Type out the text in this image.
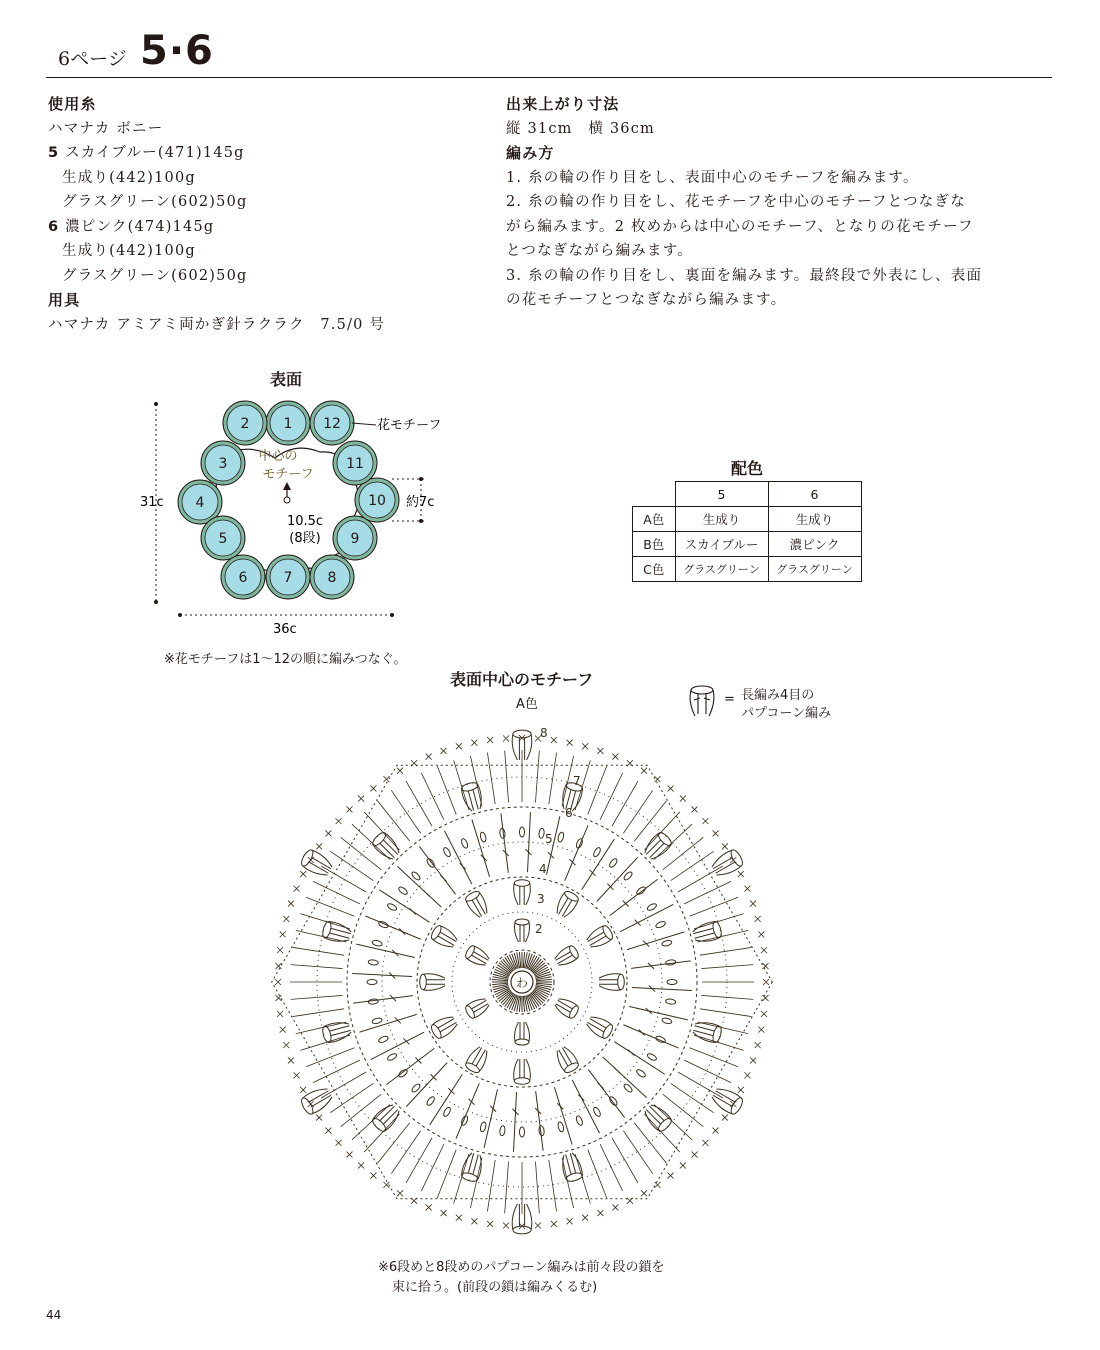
6ページ 5·6
使用糸
ハマナカ ボニー
5 スカイブルー(471)145g
生成り(442)100g
グラスグリーン(602)50g
6 濃ピンク(474)145g
生成り(442)100g
グラスグリーン(602)50g
用具
ハマナカ アミアミ両かぎ針ラクラク　7.5/0 号
出来上がり寸法
縦 31cm　横 36cm
編み方
1. 糸の輪の作り目をし、表面中心のモチーフを編みます。
2. 糸の輪の作り目をし、花モチーフを中心のモチーフとつなぎな
がら編みます。2 枚めからは中心のモチーフ、となりの花モチーフ
とつなぎながら編みます。
3. 糸の輪の作り目をし、裏面を編みます。最終段で外表にし、表面
の花モチーフとつなぎながら編みます。
表面
1
2
3
4
5
6	7	8
9
10
11
12
中心の
モチーフ
10.5c
(8段)
花モチーフ
31c
36c
約7c
※花モチーフは1～12の順に編みつなぐ。
配色
	5	6
A色	生成り	生成り
B色	スカイブルー	濃ピンク
C色	グラスグリーン	グラスグリーン
表面中心のモチーフ
A色	= 長編み4目の
パプコーン編み
わ
2
3
4
5
6
7
8
※6段めと8段めのパプコーン編みは前々段の鎖を
束に拾う。(前段の鎖は編みくるむ)
44
